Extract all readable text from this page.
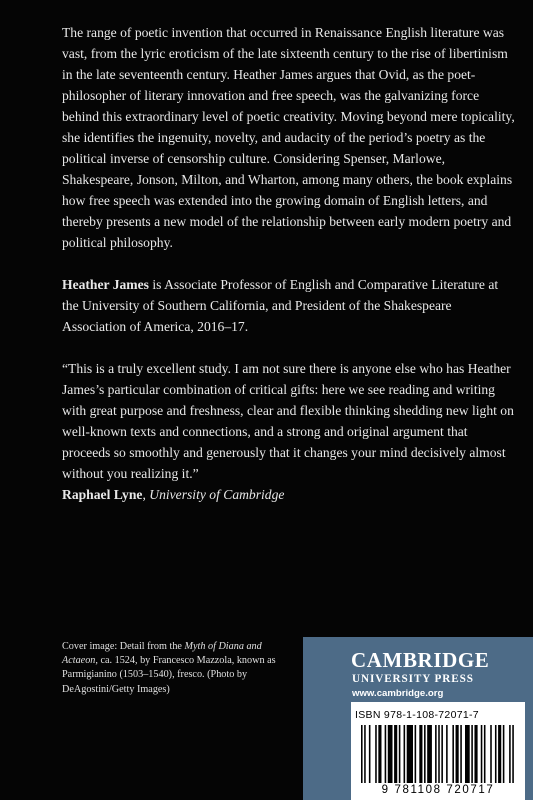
The range of poetic invention that occurred in Renaissance English literature was vast, from the lyric eroticism of the late sixteenth century to the rise of libertinism in the late seventeenth century. Heather James argues that Ovid, as the poet-philosopher of literary innovation and free speech, was the galvanizing force behind this extraordinary level of poetic creativity. Moving beyond mere topicality, she identifies the ingenuity, novelty, and audacity of the period’s poetry as the political inverse of censorship culture. Considering Spenser, Marlowe, Shakespeare, Jonson, Milton, and Wharton, among many others, the book explains how free speech was extended into the growing domain of English letters, and thereby presents a new model of the relationship between early modern poetry and political philosophy.

Heather James is Associate Professor of English and Comparative Literature at the University of Southern California, and President of the Shakespeare Association of America, 2016–17.

“This is a truly excellent study. I am not sure there is anyone else who has Heather James’s particular combination of critical gifts: here we see reading and writing with great purpose and freshness, clear and flexible thinking shedding new light on well-known texts and connections, and a strong and original argument that proceeds so smoothly and generously that it changes your mind decisively almost without you realizing it.”

Raphael Lyne, University of Cambridge

Cover image: Detail from the Myth of Diana and Actaeon, ca. 1524, by Francesco Mazzola, known as Parmigianino (1503–1540), fresco. (Photo by DeAgostini/Getty Images)
CAMBRIDGE
UNIVERSITY PRESS
www.cambridge.org
ISBN 978-1-108-72071-7
9 781108 720717
